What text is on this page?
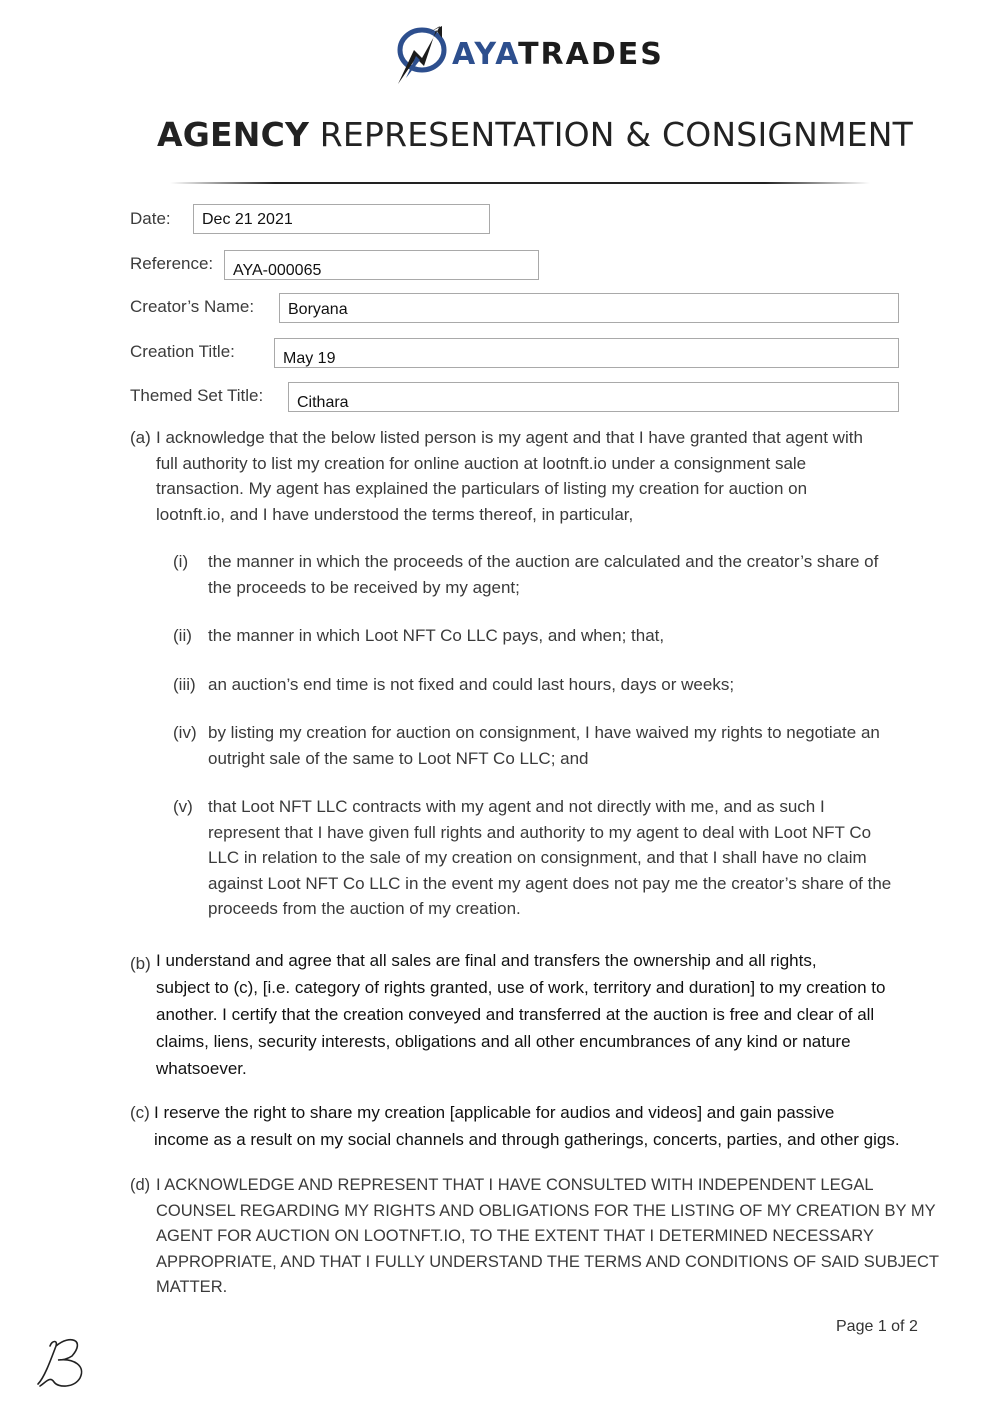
AYATRADES
AGENCY REPRESENTATION & CONSIGNMENT
Date:	Dec 21 2021
Reference:	AYA-000065
Creator’s Name:	Boryana
Creation Title:	May 19
Themed Set Title:	Cithara
(a) I acknowledge that the below listed person is my agent and that I have granted that agent with
full authority to list my creation for online auction at lootnft.io under a consignment sale
transaction. My agent has explained the particulars of listing my creation for auction on
lootnft.io, and I have understood the terms thereof, in particular,
(i) the manner in which the proceeds of the auction are calculated and the creator’s share of
the proceeds to be received by my agent;
(ii) the manner in which Loot NFT Co LLC pays, and when; that,
(iii) an auction’s end time is not fixed and could last hours, days or weeks;
(iv) by listing my creation for auction on consignment, I have waived my rights to negotiate an
outright sale of the same to Loot NFT Co LLC; and
(v) that Loot NFT LLC contracts with my agent and not directly with me, and as such I
represent that I have given full rights and authority to my agent to deal with Loot NFT Co
LLC in relation to the sale of my creation on consignment, and that I shall have no claim
against Loot NFT Co LLC in the event my agent does not pay me the creator’s share of the
proceeds from the auction of my creation.
(b) I understand and agree that all sales are final and transfers the ownership and all rights,
subject to (c), [i.e. category of rights granted, use of work, territory and duration] to my creation to
another. I certify that the creation conveyed and transferred at the auction is free and clear of all
claims, liens, security interests, obligations and all other encumbrances of any kind or nature
whatsoever.
(c) I reserve the right to share my creation [applicable for audios and videos] and gain passive
income as a result on my social channels and through gatherings, concerts, parties, and other gigs.
(d) I ACKNOWLEDGE AND REPRESENT THAT I HAVE CONSULTED WITH INDEPENDENT LEGAL
COUNSEL REGARDING MY RIGHTS AND OBLIGATIONS FOR THE LISTING OF MY CREATION BY MY
AGENT FOR AUCTION ON LOOTNFT.IO, TO THE EXTENT THAT I DETERMINED NECESSARY
APPROPRIATE, AND THAT I FULLY UNDERSTAND THE TERMS AND CONDITIONS OF SAID SUBJECT
MATTER.
Page 1 of 2
